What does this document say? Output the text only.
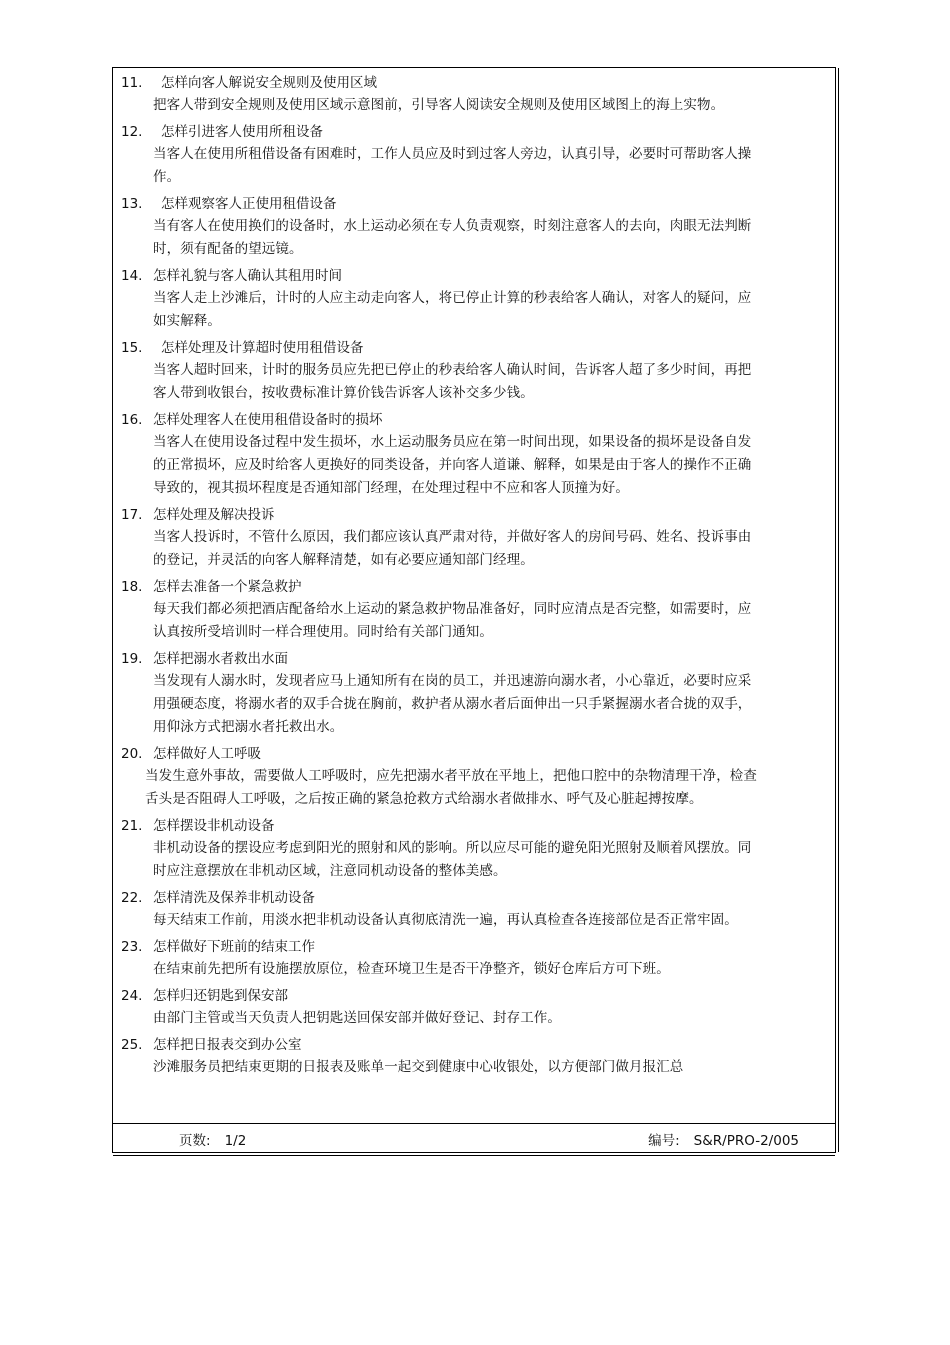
11. 怎样向客人解说安全规则及使用区域
把客人带到安全规则及使用区域示意图前，引导客人阅读安全规则及使用区域图上的海上实物。
12. 怎样引进客人使用所租设备
当客人在使用所租借设备有困难时，工作人员应及时到过客人旁边，认真引导，必要时可帮助客人操作。
13. 怎样观察客人正使用租借设备
当有客人在使用换们的设备时，水上运动必须在专人负责观察，时刻注意客人的去向，肉眼无法判断时，须有配备的望远镜。
14. 怎样礼貌与客人确认其租用时间
当客人走上沙滩后，计时的人应主动走向客人，将已停止计算的秒表给客人确认，对客人的疑问，应如实解释。
15. 怎样处理及计算超时使用租借设备
当客人超时回来，计时的服务员应先把已停止的秒表给客人确认时间，告诉客人超了多少时间，再把客人带到收银台，按收费标准计算价钱告诉客人该补交多少钱。
16. 怎样处理客人在使用租借设备时的损坏
当客人在使用设备过程中发生损坏，水上运动服务员应在第一时间出现，如果设备的损坏是设备自发的正常损坏，应及时给客人更换好的同类设备，并向客人道谦、解释，如果是由于客人的操作不正确导致的，视其损坏程度是否通知部门经理，在处理过程中不应和客人顶撞为好。
17. 怎样处理及解决投诉
当客人投诉时，不管什么原因，我们都应该认真严肃对待，并做好客人的房间号码、姓名、投诉事由的登记，并灵活的向客人解释清楚，如有必要应通知部门经理。
18. 怎样去准备一个紧急救护
每天我们都必须把酒店配备给水上运动的紧急救护物品准备好，同时应清点是否完整，如需要时，应认真按所受培训时一样合理使用。同时给有关部门通知。
19. 怎样把溺水者救出水面
当发现有人溺水时，发现者应马上通知所有在岗的员工，并迅速游向溺水者，小心靠近，必要时应采用强硬态度，将溺水者的双手合拢在胸前，救护者从溺水者后面伸出一只手紧握溺水者合拢的双手，用仰泳方式把溺水者托救出水。
20. 怎样做好人工呼吸
当发生意外事故，需要做人工呼吸时，应先把溺水者平放在平地上，把他口腔中的杂物清理干净，检查舌头是否阻碍人工呼吸，之后按正确的紧急抢救方式给溺水者做排水、呼气及心脏起搏按摩。
21. 怎样摆设非机动设备
非机动设备的摆设应考虑到阳光的照射和风的影响。所以应尽可能的避免阳光照射及顺着风摆放。同时应注意摆放在非机动区域，注意同机动设备的整体美感。
22. 怎样清洗及保养非机动设备
每天结束工作前，用淡水把非机动设备认真彻底清洗一遍，再认真检查各连接部位是否正常牢固。
23. 怎样做好下班前的结束工作
在结束前先把所有设施摆放原位，检查环境卫生是否干净整齐，锁好仓库后方可下班。
24. 怎样归还钥匙到保安部
由部门主管或当天负责人把钥匙送回保安部并做好登记、封存工作。
25. 怎样把日报表交到办公室
沙滩服务员把结束更期的日报表及账单一起交到健康中心收银处，以方便部门做月报汇总
页数: 1/2	编号: S&R/PRO-2/005
